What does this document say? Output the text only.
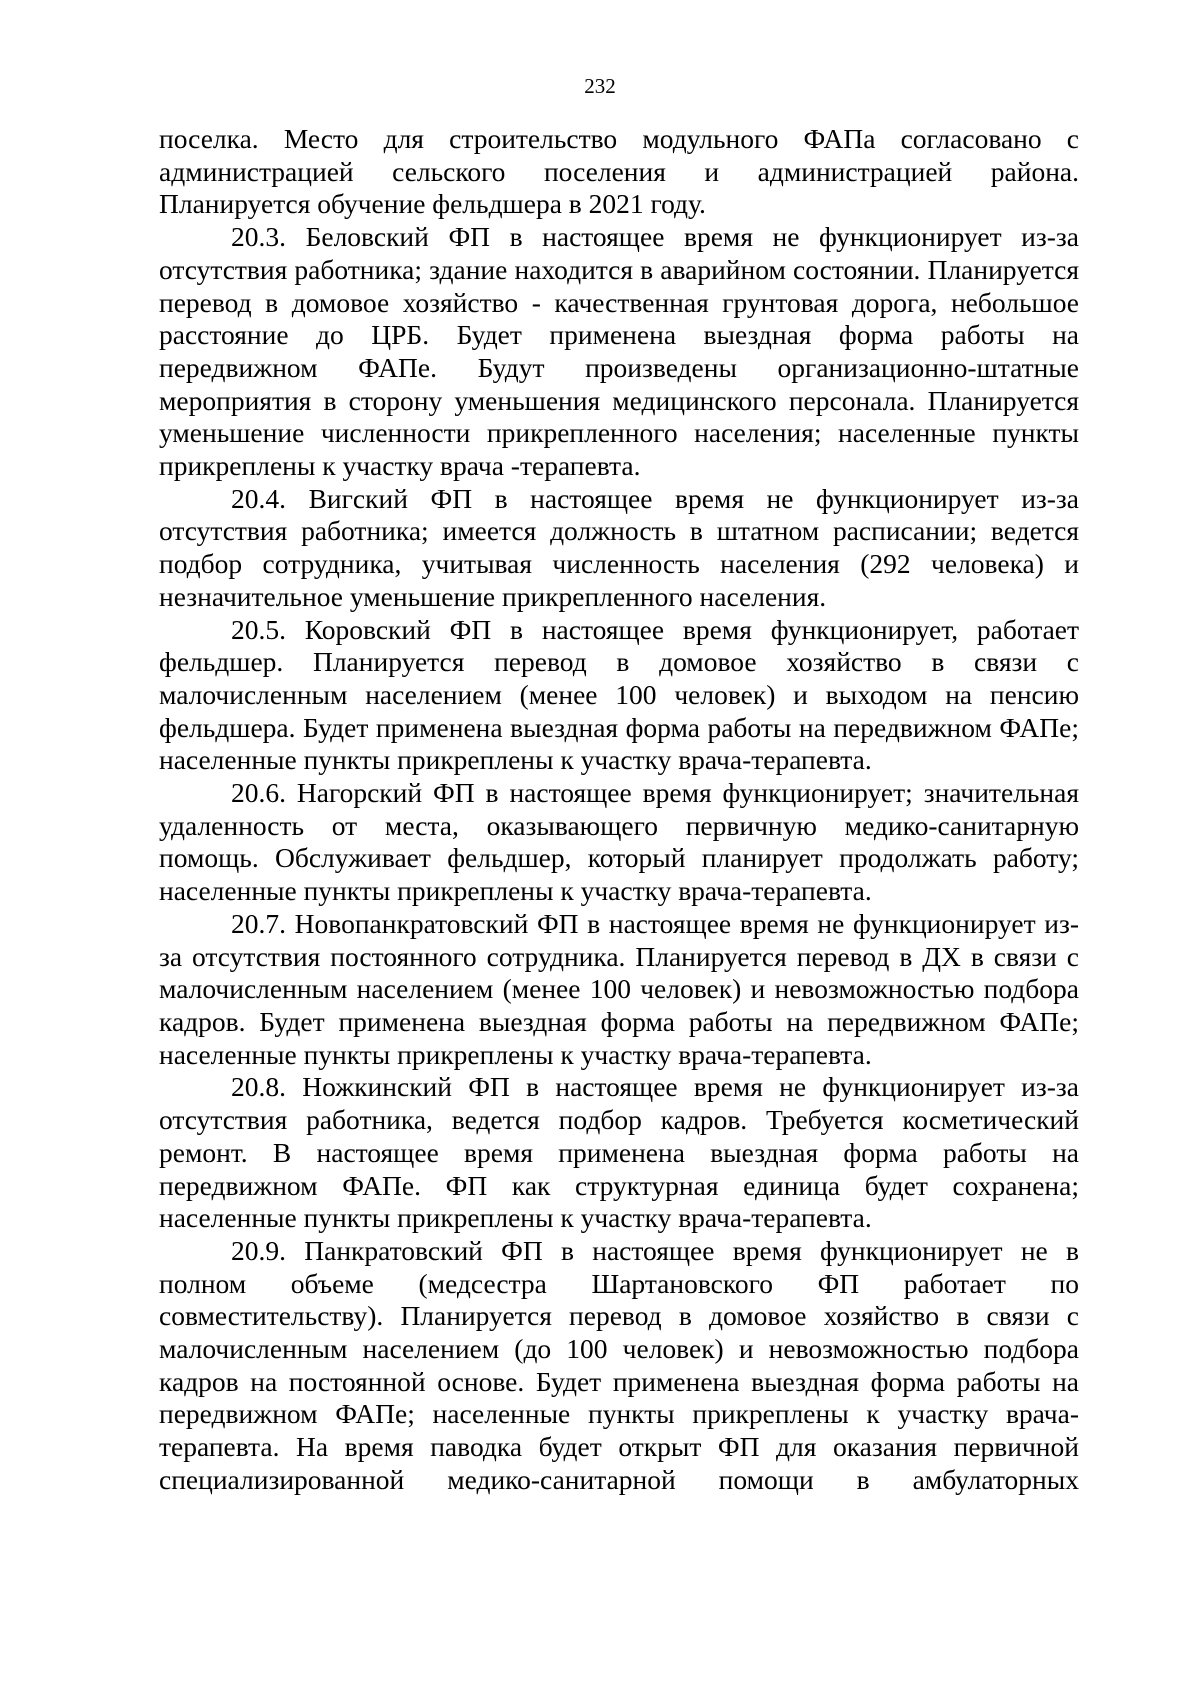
232

поселка. Место для строительство модульного ФАПа согласовано с администрацией сельского поселения и администрацией района. Планируется обучение фельдшера в 2021 году.

20.3. Беловский ФП в настоящее время не функционирует из-за отсутствия работника; здание находится в аварийном состоянии. Планируется перевод в домовое хозяйство - качественная грунтовая дорога, небольшое расстояние до ЦРБ. Будет применена выездная форма работы на передвижном ФАПе. Будут произведены организационно-штатные мероприятия в сторону уменьшения медицинского персонала. Планируется уменьшение численности прикрепленного населения; населенные пункты прикреплены к участку врача -терапевта.

20.4. Вигский ФП в настоящее время не функционирует из-за отсутствия работника; имеется должность в штатном расписании; ведется подбор сотрудника, учитывая численность населения (292 человека) и незначительное уменьшение прикрепленного населения.

20.5. Коровский ФП в настоящее время функционирует, работает фельдшер. Планируется перевод в домовое хозяйство в связи с малочисленным населением (менее 100 человек) и выходом на пенсию фельдшера. Будет применена выездная форма работы на передвижном ФАПе; населенные пункты прикреплены к участку врача-терапевта.

20.6. Нагорский ФП в настоящее время функционирует; значительная удаленность от места, оказывающего первичную медико-санитарную помощь. Обслуживает фельдшер, который планирует продолжать работу; населенные пункты прикреплены к участку врача-терапевта.

20.7. Новопанкратовский ФП в настоящее время не функционирует из-за отсутствия постоянного сотрудника. Планируется перевод в ДХ в связи с малочисленным населением (менее 100 человек) и невозможностью подбора кадров. Будет применена выездная форма работы на передвижном ФАПе; населенные пункты прикреплены к участку врача-терапевта.

20.8. Ножкинский ФП в настоящее время не функционирует из-за отсутствия работника, ведется подбор кадров. Требуется косметический ремонт. В настоящее время применена выездная форма работы на передвижном ФАПе. ФП как структурная единица будет сохранена; населенные пункты прикреплены к участку врача-терапевта.

20.9. Панкратовский ФП в настоящее время функционирует не в полном объеме (медсестра Шартановского ФП работает по совместительству). Планируется перевод в домовое хозяйство в связи с малочисленным населением (до 100 человек) и невозможностью подбора кадров на постоянной основе. Будет применена выездная форма работы на передвижном ФАПе; населенные пункты прикреплены к участку врача-терапевта. На время паводка будет открыт ФП для оказания первичной специализированной медико-санитарной помощи в амбулаторных
